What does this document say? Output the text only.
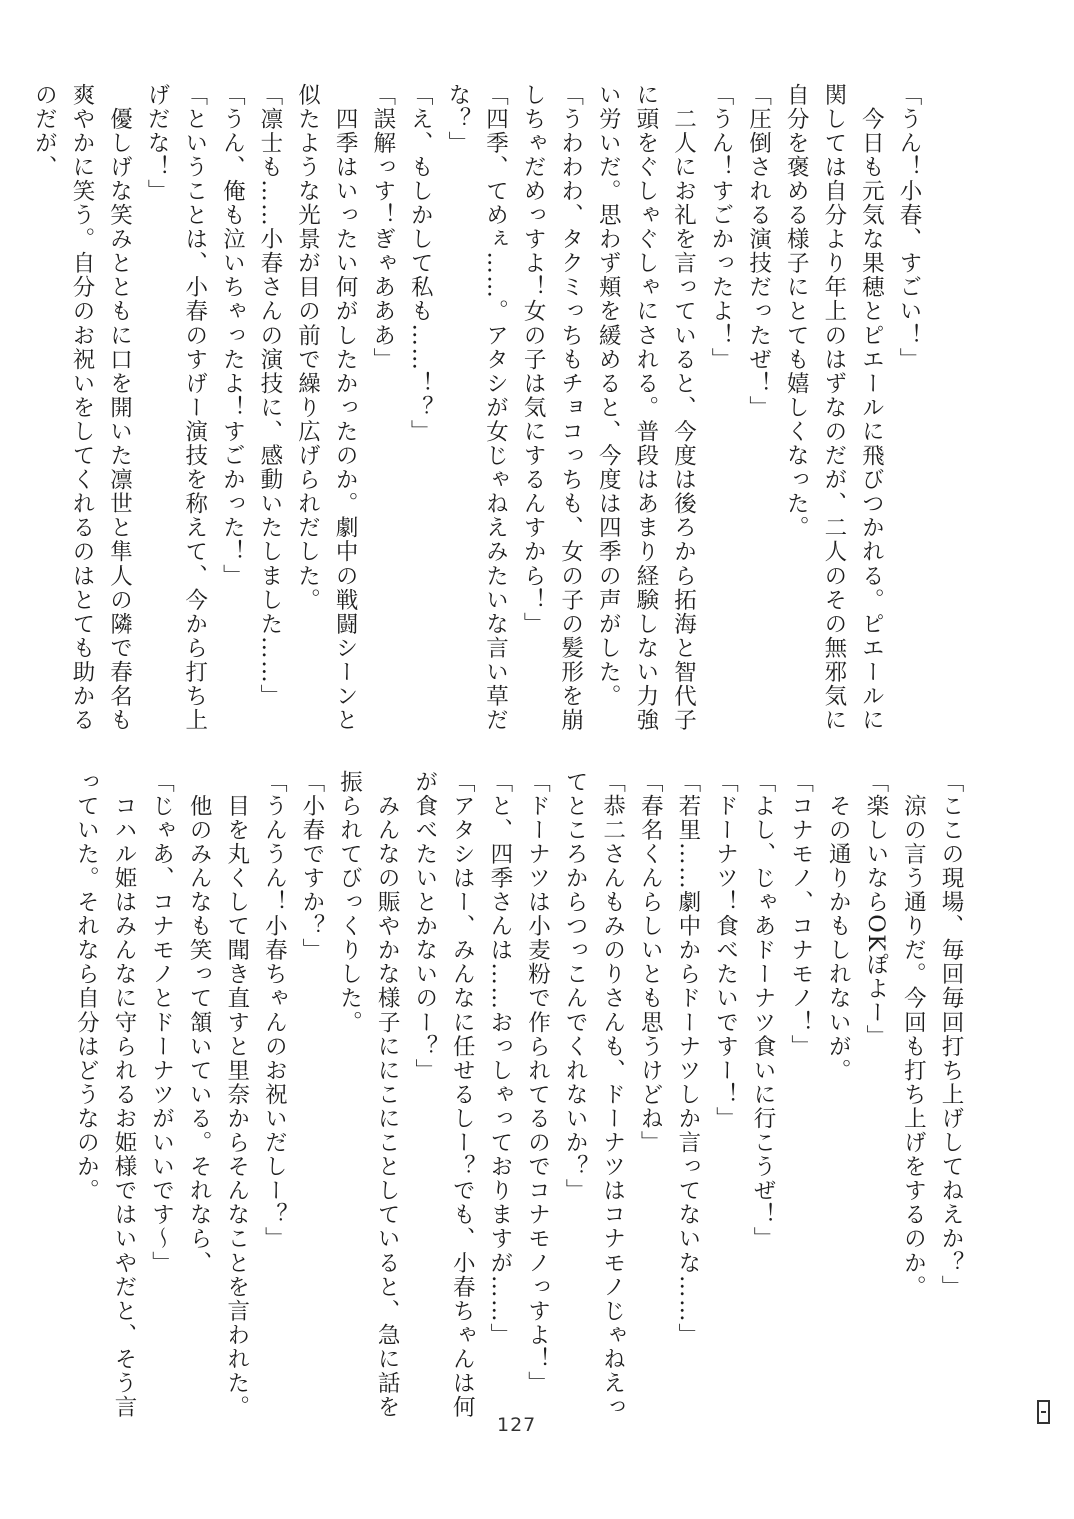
「うん！小春、すごい！」
　今日も元気な果穂とピエールに飛びつかれる。ピエールに
関しては自分より年上のはずなのだが、二人のその無邪気に
自分を褒める様子にとても嬉しくなった。
「圧倒される演技だったぜ！」
「うん！すごかったよ！」
　二人にお礼を言っていると、今度は後ろから拓海と智代子
に頭をぐしゃぐしゃにされる。普段はあまり経験しない力強
い労いだ。思わず頬を緩めると、今度は四季の声がした。
「うわわわ、タクミっちもチョコっちも、女の子の髪形を崩
しちゃだめっすよ！女の子は気にするんすから！」
「四季、てめぇ……。アタシが女じゃねえみたいな言い草だ
な？」
「え、もしかして私も……！？」
「誤解っす！ぎゃあああ」
　四季はいったい何がしたかったのか。劇中の戦闘シーンと
似たような光景が目の前で繰り広げられだした。
「凛士も……小春さんの演技に、感動いたしました……」
「うん、俺も泣いちゃったよ！すごかった！」
「ということは、小春のすげー演技を称えて、今から打ち上
げだな！」
　優しげな笑みとともに口を開いた凛世と隼人の隣で春名も
爽やかに笑う。自分のお祝いをしてくれるのはとても助かる
のだが、
「ここの現場、毎回毎回打ち上げしてねえか？」
　涼の言う通りだ。今回も打ち上げをするのか。
「楽しいならOKぽよー」
　その通りかもしれないが。
「コナモノ、コナモノ！」
「よし、じゃあドーナツ食いに行こうぜ！」
「ドーナツ！食べたいですー！」
「若里……劇中からドーナツしか言ってないな……」
「春名くんらしいとも思うけどね」
「恭二さんもみのりさんも、ドーナツはコナモノじゃねえっ
てところからつっこんでくれないか？」
「ドーナツは小麦粉で作られてるのでコナモノっすよ！」
「と、四季さんは……おっしゃっておりますが……」
「アタシはー、みんなに任せるしー？でも、小春ちゃんは何
が食べたいとかないのー？」
　みんなの賑やかな様子ににこにことしていると、急に話を
振られてびっくりした。
「小春ですか？」
「うんうん！小春ちゃんのお祝いだしー？」
　目を丸くして聞き直すと里奈からそんなことを言われた。
　他のみんなも笑って頷いている。それなら、
「じゃあ、コナモノとドーナツがいいです〜」
　コハル姫はみんなに守られるお姫様ではいやだと、そう言
っていた。それなら自分はどうなのか。
127
